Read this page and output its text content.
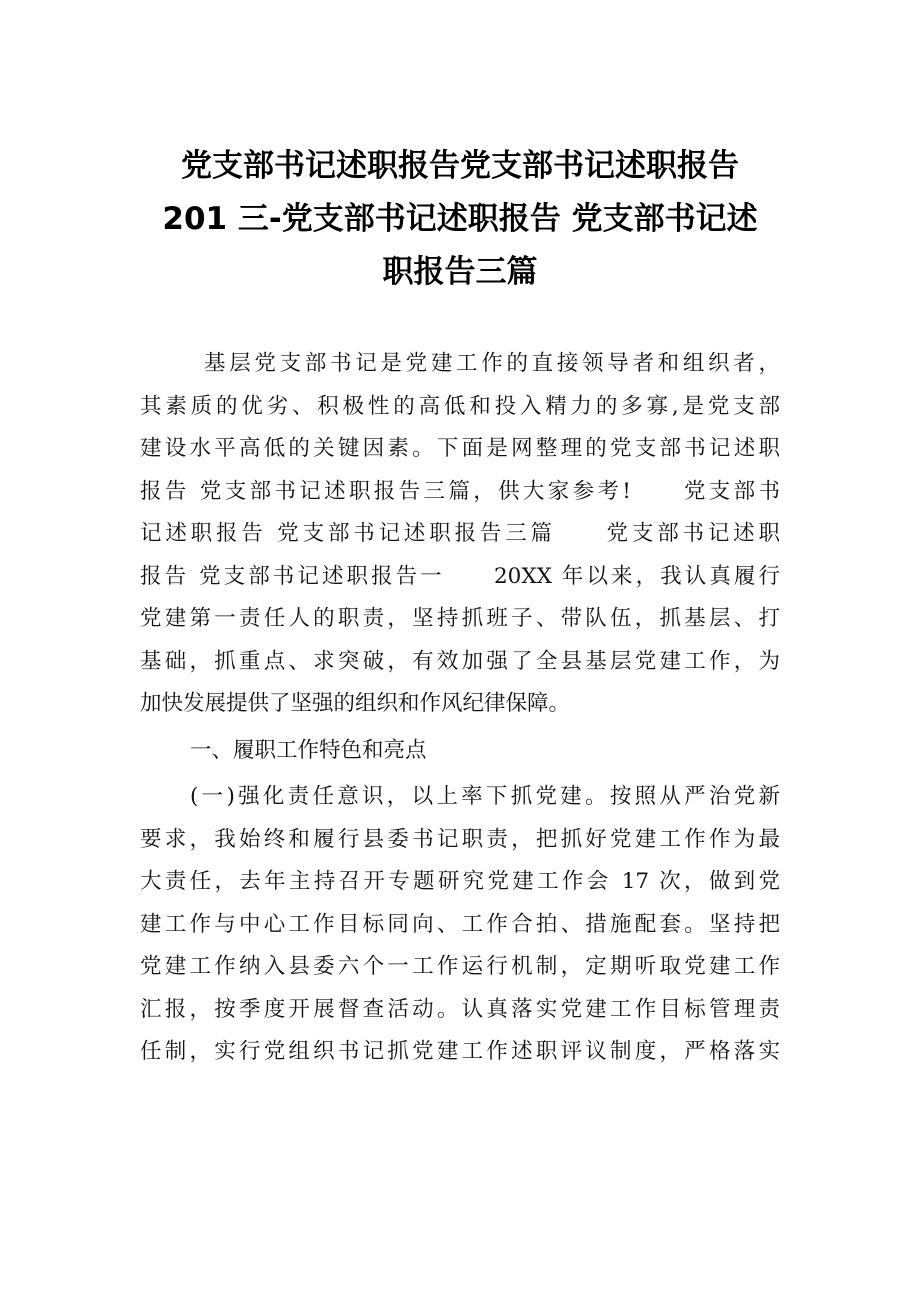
党支部书记述职报告党支部书记述职报告
201 三-党支部书记述职报告 党支部书记述
职报告三篇
基层党支部书记是党建工作的直接领导者和组织者，
其素质的优劣、积极性的高低和投入精力的多寡,是党支部
建设水平高低的关键因素。下面是网整理的党支部书记述职
报告 党支部书记述职报告三篇，供大家参考!　　党支部书
记述职报告 党支部书记述职报告三篇　　党支部书记述职
报告 党支部书记述职报告一　　20XX 年以来，我认真履行
党建第一责任人的职责，坚持抓班子、带队伍，抓基层、打
基础，抓重点、求突破，有效加强了全县基层党建工作，为
加快发展提供了坚强的组织和作风纪律保障。
一、履职工作特色和亮点
(一)强化责任意识，以上率下抓党建。按照从严治党新
要求，我始终和履行县委书记职责，把抓好党建工作作为最
大责任，去年主持召开专题研究党建工作会 17 次，做到党
建工作与中心工作目标同向、工作合拍、措施配套。坚持把
党建工作纳入县委六个一工作运行机制，定期听取党建工作
汇报，按季度开展督查活动。认真落实党建工作目标管理责
任制，实行党组织书记抓党建工作述职评议制度，严格落实
